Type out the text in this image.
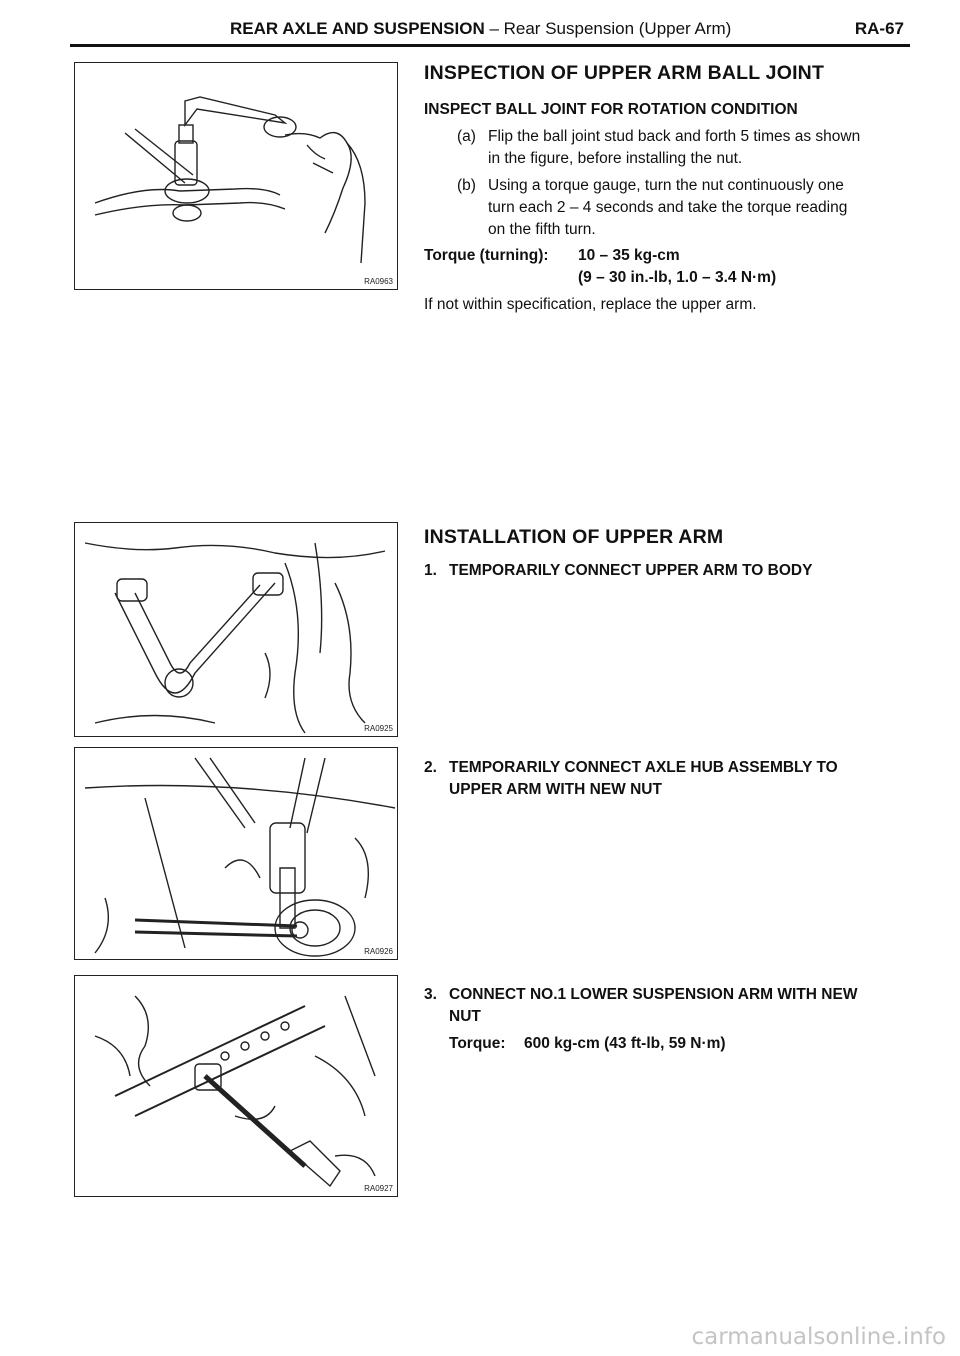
REAR AXLE AND SUSPENSION – Rear Suspension (Upper Arm)	RA-67
RA0963
RA0925
RA0926
RA0927
INSPECTION OF UPPER ARM BALL JOINT
INSPECT BALL JOINT FOR ROTATION CONDITION
(a) Flip the ball joint stud back and forth 5 times as shown
in the figure, before installing the nut.
(b) Using a torque gauge, turn the nut continuously one
turn each 2 – 4 seconds and take the torque reading
on the fifth turn.
Torque (turning): 10 – 35 kg-cm
(9 – 30 in.-lb, 1.0 – 3.4 N·m)
If not within specification, replace the upper arm.
INSTALLATION OF UPPER ARM
1. TEMPORARILY CONNECT UPPER ARM TO BODY
2. TEMPORARILY CONNECT AXLE HUB ASSEMBLY TO
UPPER ARM WITH NEW NUT
3. CONNECT NO.1 LOWER SUSPENSION ARM WITH NEW
NUT
Torque: 600 kg-cm (43 ft-lb, 59 N·m)
carmanualsonline.info
